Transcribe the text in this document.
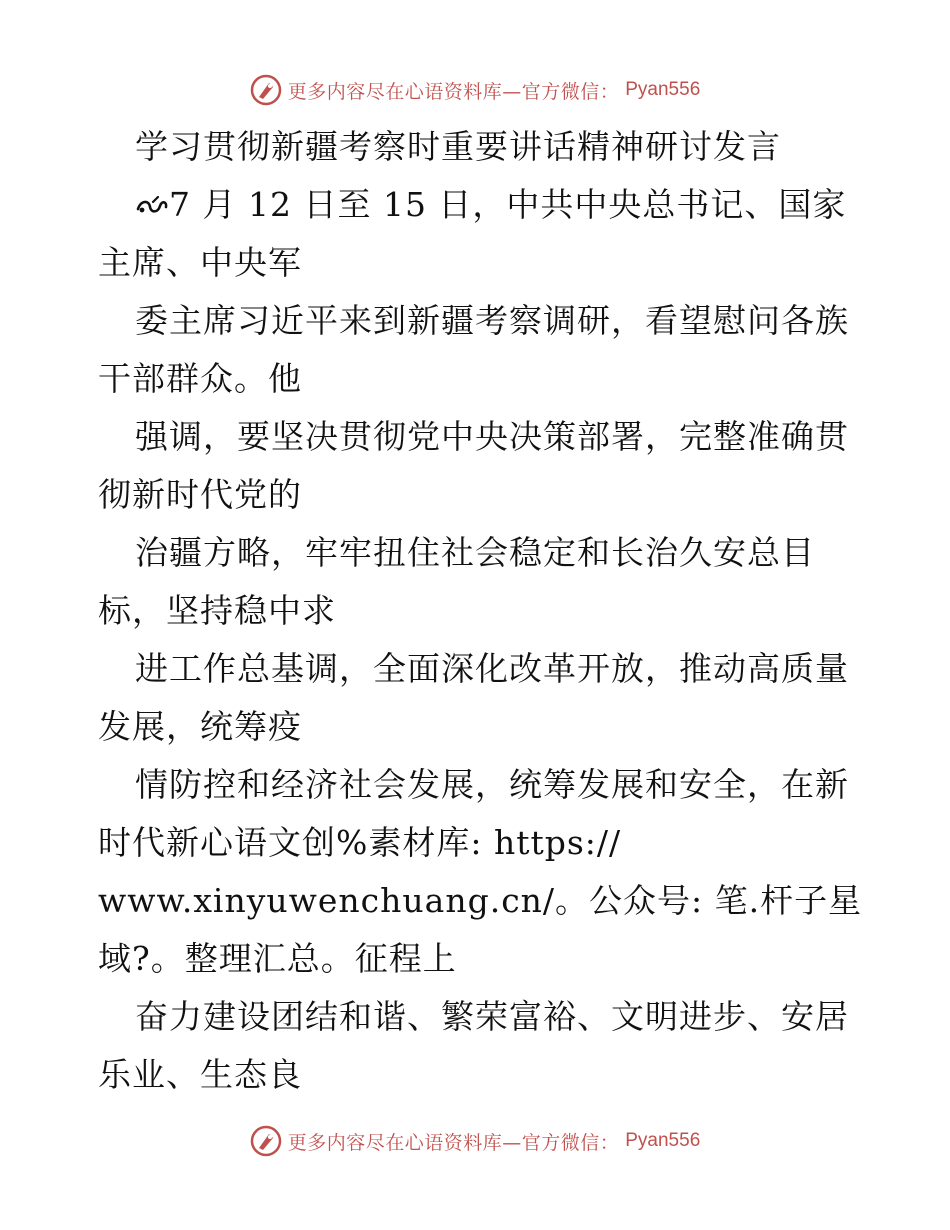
更多内容尽在心语资料库—官方微信： Pyan556
学习贯彻新疆考察时重要讲话精神研讨发言
7 月 12 日至 15 日，中共中央总书记、国家
主席、中央军
委主席习近平来到新疆考察调研，看望慰问各族
干部群众。他
强调，要坚决贯彻党中央决策部署，完整准确贯
彻新时代党的
治疆方略，牢牢扭住社会稳定和长治久安总目
标，坚持稳中求
进工作总基调，全面深化改革开放，推动高质量
发展，统筹疫
情防控和经济社会发展，统筹发展和安全，在新
时代新心语文创%素材库: https://
www.xinyuwenchuang.cn/。公众号: 笔.杆子星
域?。整理汇总。征程上
奋力建设团结和谐、繁荣富裕、文明进步、安居
乐业、生态良
更多内容尽在心语资料库—官方微信： Pyan556
